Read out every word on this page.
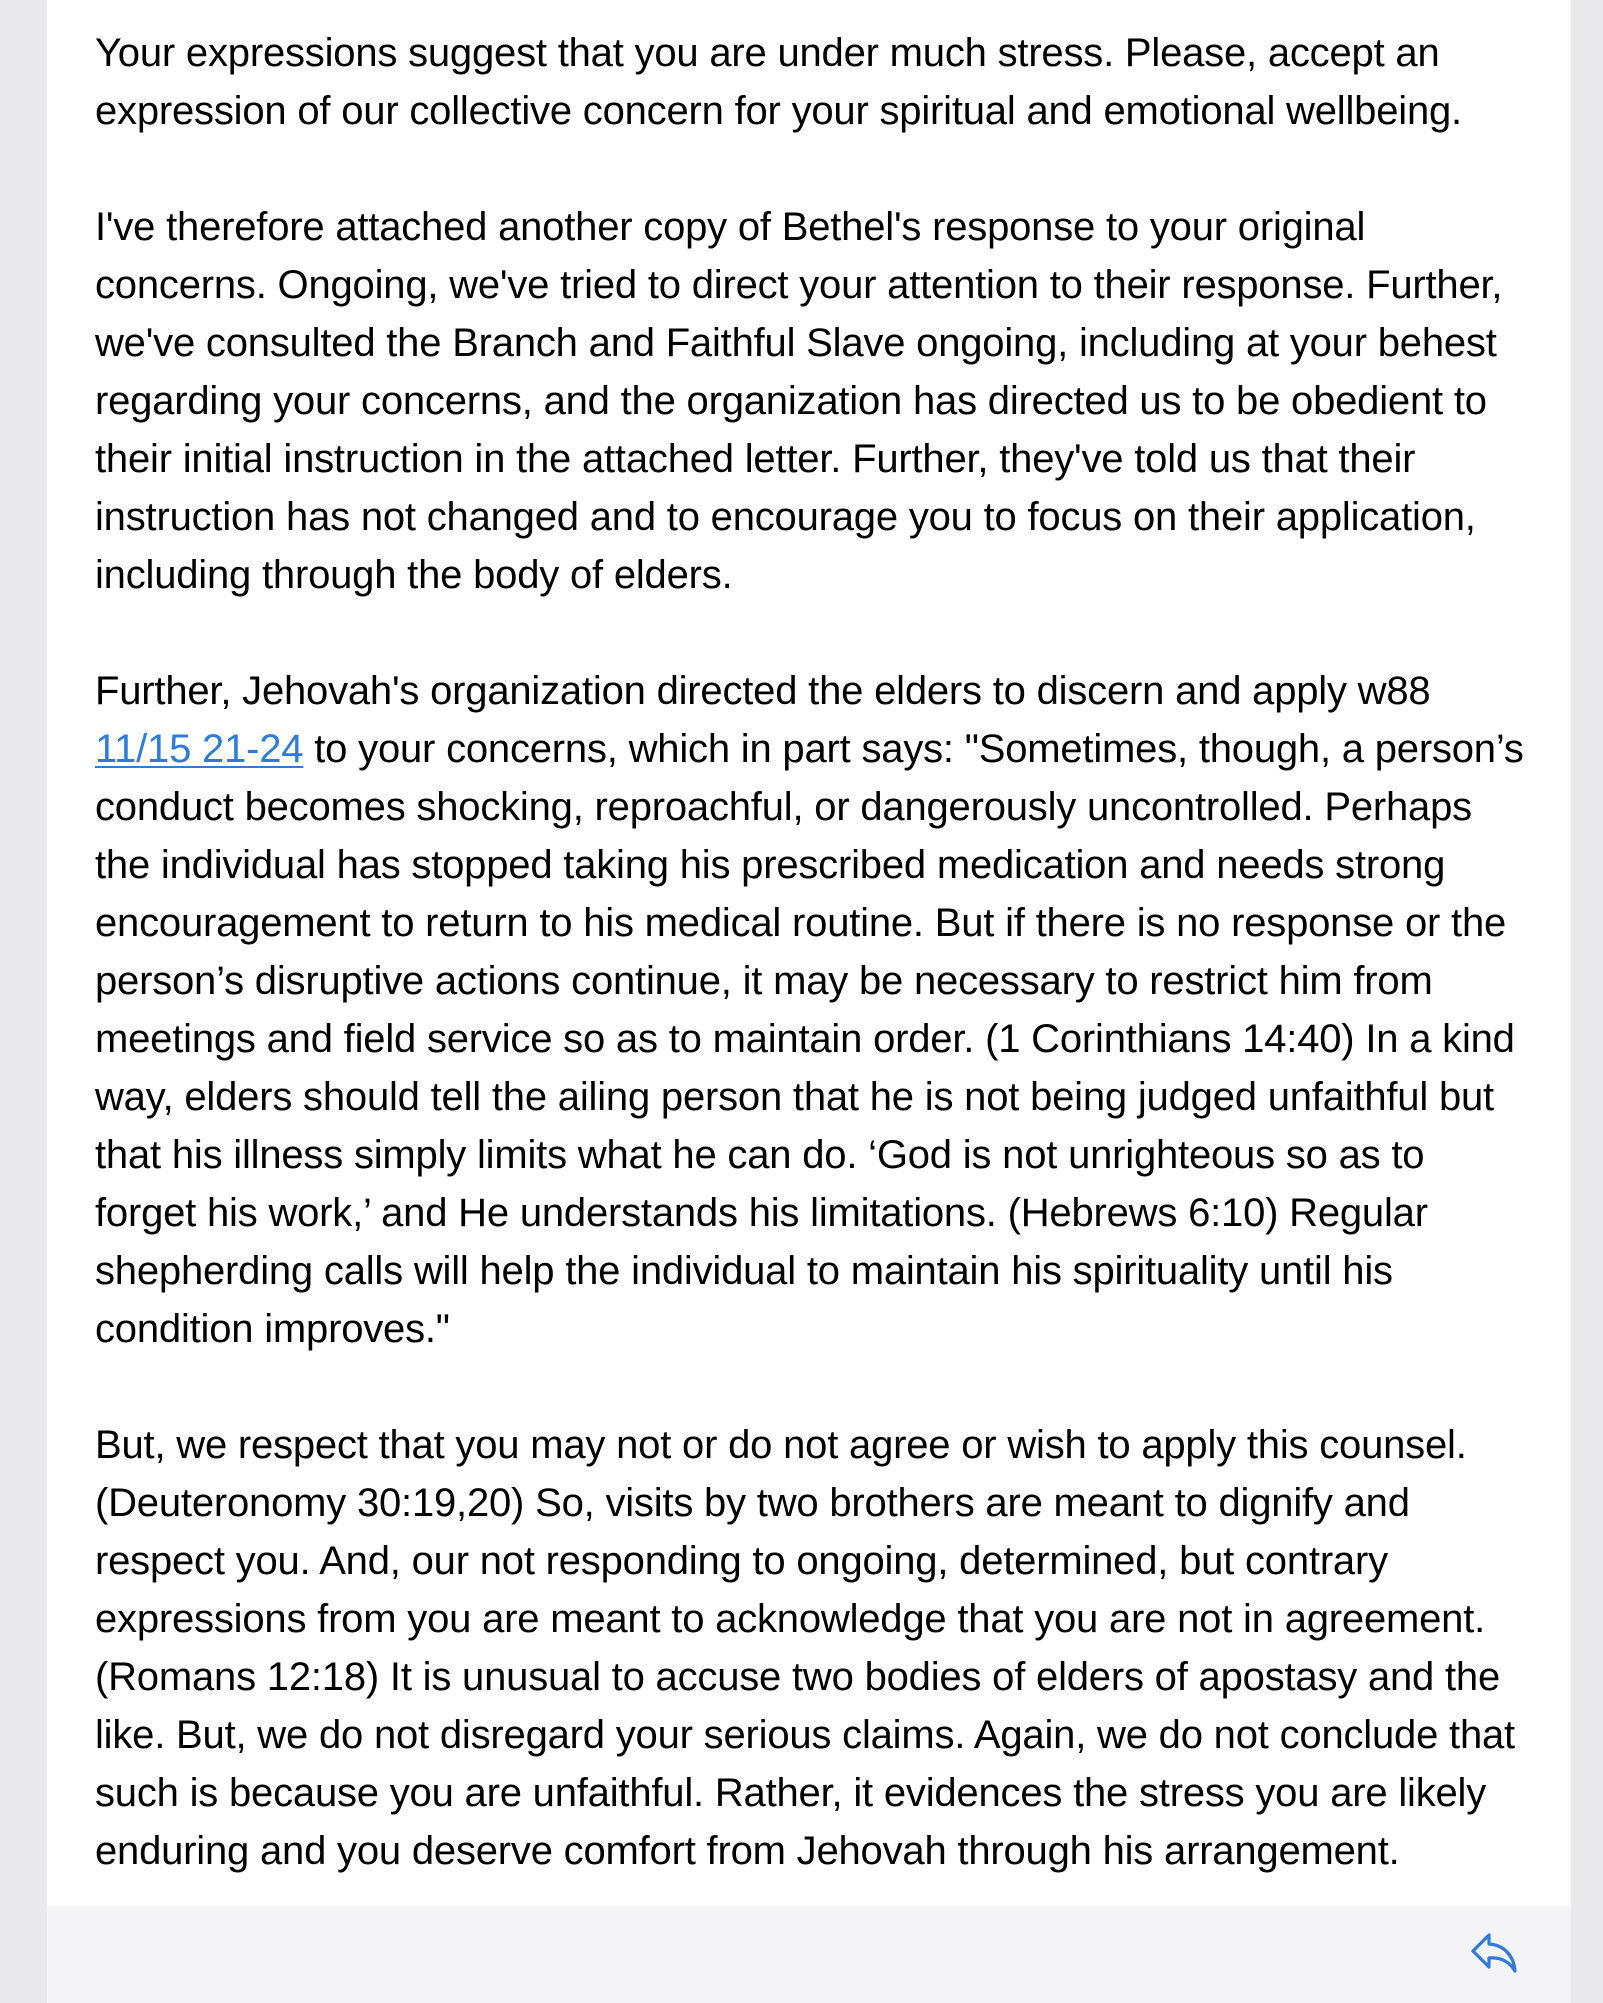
Your expressions suggest that you are under much stress. Please, accept an expression of our collective concern for your spiritual and emotional wellbeing.

I've therefore attached another copy of Bethel's response to your original concerns. Ongoing, we've tried to direct your attention to their response. Further, we've consulted the Branch and Faithful Slave ongoing, including at your behest regarding your concerns, and the organization has directed us to be obedient to their initial instruction in the attached letter. Further, they've told us that their instruction has not changed and to encourage you to focus on their application, including through the body of elders.

Further, Jehovah's organization directed the elders to discern and apply w88 11/15 21-24 to your concerns, which in part says: "Sometimes, though, a person’s conduct becomes shocking, reproachful, or dangerously uncontrolled. Perhaps the individual has stopped taking his prescribed medication and needs strong encouragement to return to his medical routine. But if there is no response or the person’s disruptive actions continue, it may be necessary to restrict him from meetings and field service so as to maintain order. (1 Corinthians 14:40) In a kind way, elders should tell the ailing person that he is not being judged unfaithful but that his illness simply limits what he can do. ‘God is not unrighteous so as to forget his work,’ and He understands his limitations. (Hebrews 6:10) Regular shepherding calls will help the individual to maintain his spirituality until his condition improves."

But, we respect that you may not or do not agree or wish to apply this counsel. (Deuteronomy 30:19,20) So, visits by two brothers are meant to dignify and respect you. And, our not responding to ongoing, determined, but contrary expressions from you are meant to acknowledge that you are not in agreement. (Romans 12:18) It is unusual to accuse two bodies of elders of apostasy and the like. But, we do not disregard your serious claims. Again, we do not conclude that such is because you are unfaithful. Rather, it evidences the stress you are likely enduring and you deserve comfort from Jehovah through his arrangement.
